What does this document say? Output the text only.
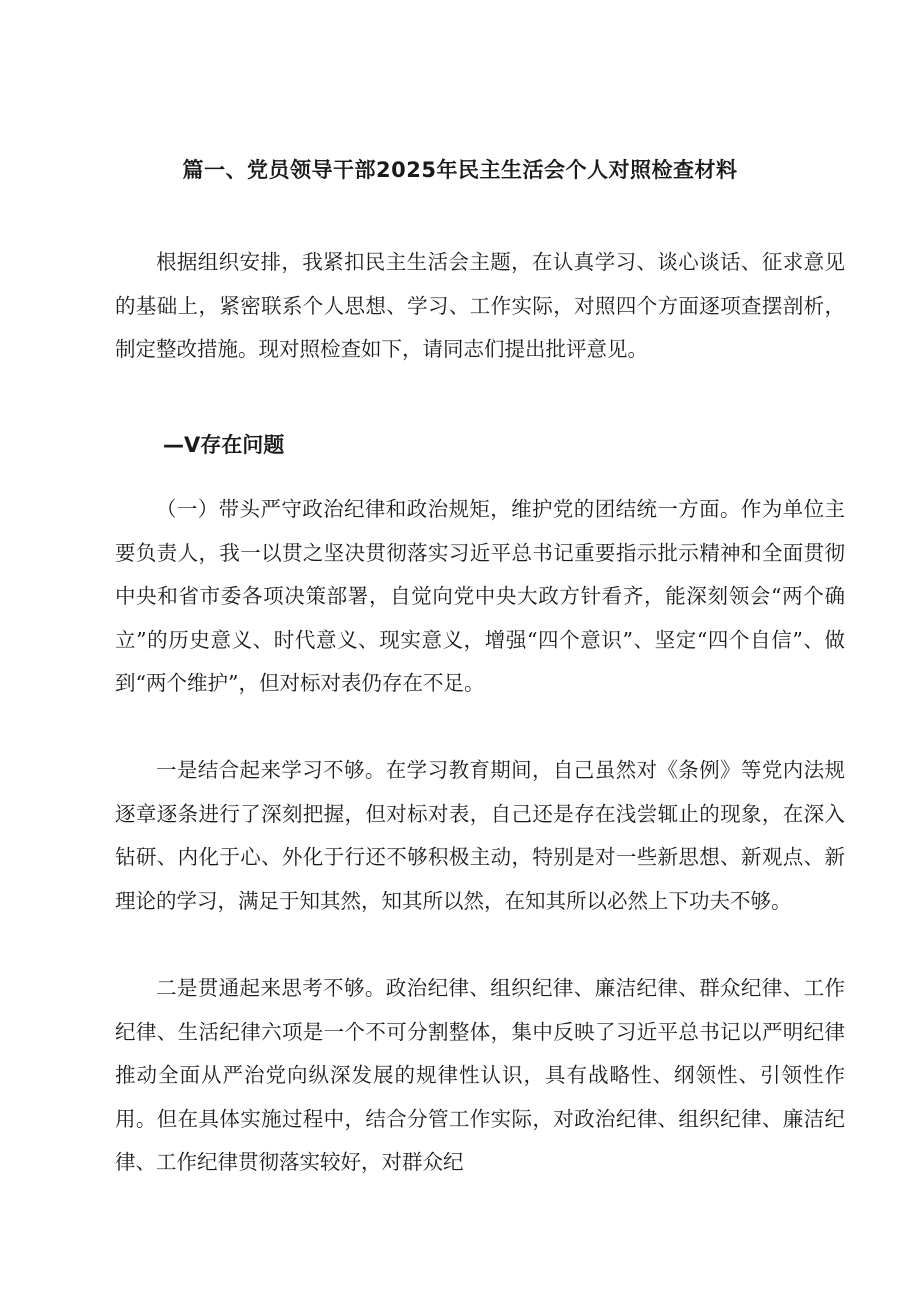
篇一、党员领导干部2025年民主生活会个人对照检查材料

根据组织安排，我紧扣民主生活会主题，在认真学习、谈心谈话、征求意见的基础上，紧密联系个人思想、学习、工作实际，对照四个方面逐项查摆剖析，制定整改措施。现对照检查如下，请同志们提出批评意见。

—V存在问题

（一）带头严守政治纪律和政治规矩，维护党的团结统一方面。作为单位主要负责人，我一以贯之坚决贯彻落实习近平总书记重要指示批示精神和全面贯彻中央和省市委各项决策部署，自觉向党中央大政方针看齐，能深刻领会“两个确立”的历史意义、时代意义、现实意义，增强“四个意识”、坚定“四个自信”、做到“两个维护”，但对标对表仍存在不足。

一是结合起来学习不够。在学习教育期间，自己虽然对《条例》等党内法规逐章逐条进行了深刻把握，但对标对表，自己还是存在浅尝辄止的现象，在深入钻研、内化于心、外化于行还不够积极主动，特别是对一些新思想、新观点、新理论的学习，满足于知其然，知其所以然，在知其所以必然上下功夫不够。

二是贯通起来思考不够。政治纪律、组织纪律、廉洁纪律、群众纪律、工作纪律、生活纪律六项是一个不可分割整体，集中反映了习近平总书记以严明纪律推动全面从严治党向纵深发展的规律性认识，具有战略性、纲领性、引领性作用。但在具体实施过程中，结合分管工作实际，对政治纪律、组织纪律、廉洁纪律、工作纪律贯彻落实较好，对群众纪
